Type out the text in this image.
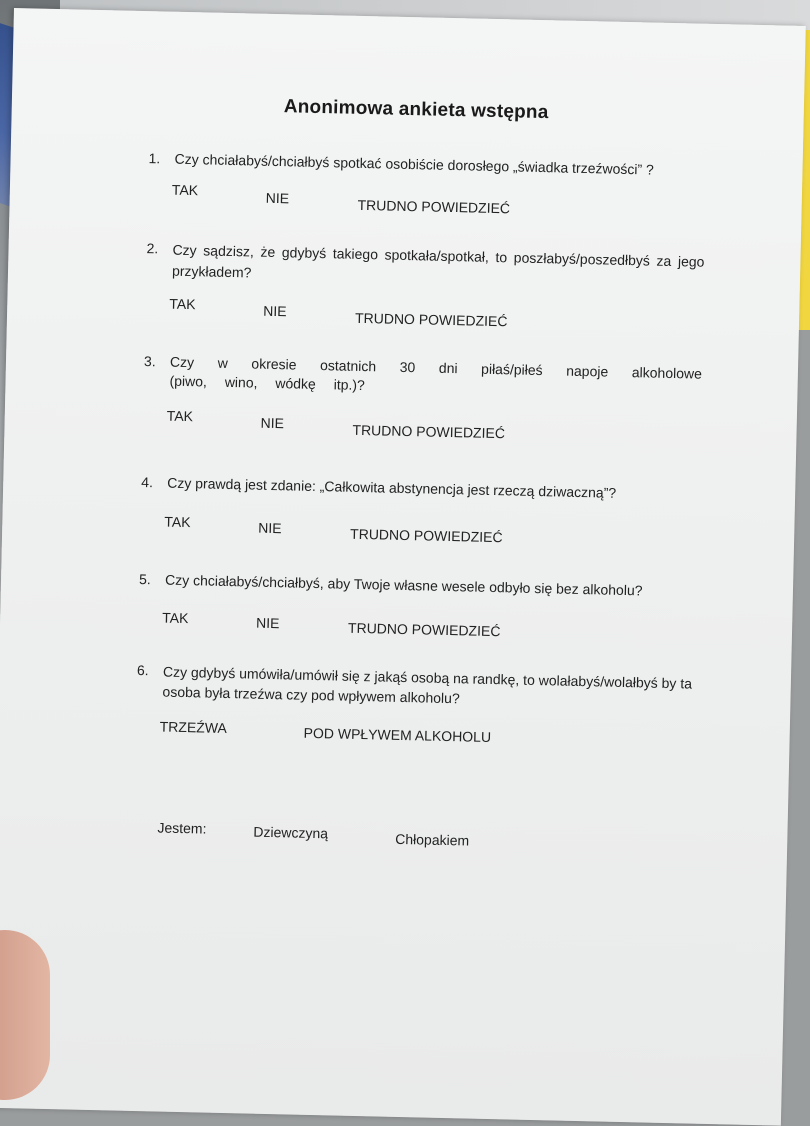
Anonimowa ankieta wstępna
1. Czy chciałabyś/chciałbyś spotkać osobiście dorosłego „świadka trzeźwości” ?
TAK	NIE	TRUDNO POWIEDZIEĆ
2. Czy sądzisz, że gdybyś takiego spotkała/spotkał, to poszłabyś/poszedłbyś za jego przykładem?
TAK	NIE	TRUDNO POWIEDZIEĆ
3. Czy w okresie ostatnich 30 dni piłaś/piłeś napoje alkoholowe (piwo, wino, wódkę itp.)?
TAK	NIE	TRUDNO POWIEDZIEĆ
4. Czy prawdą jest zdanie: „Całkowita abstynencja jest rzeczą dziwaczną”?
TAK	NIE	TRUDNO POWIEDZIEĆ
5. Czy chciałabyś/chciałbyś, aby Twoje własne wesele odbyło się bez alkoholu?
TAK	NIE	TRUDNO POWIEDZIEĆ
6. Czy gdybyś umówiła/umówił się z jakąś osobą na randkę, to wolałabyś/wolałbyś by ta osoba była trzeźwa czy pod wpływem alkoholu?
TRZEŹWA	POD WPŁYWEM ALKOHOLU
Jestem:	Dziewczyną	Chłopakiem
